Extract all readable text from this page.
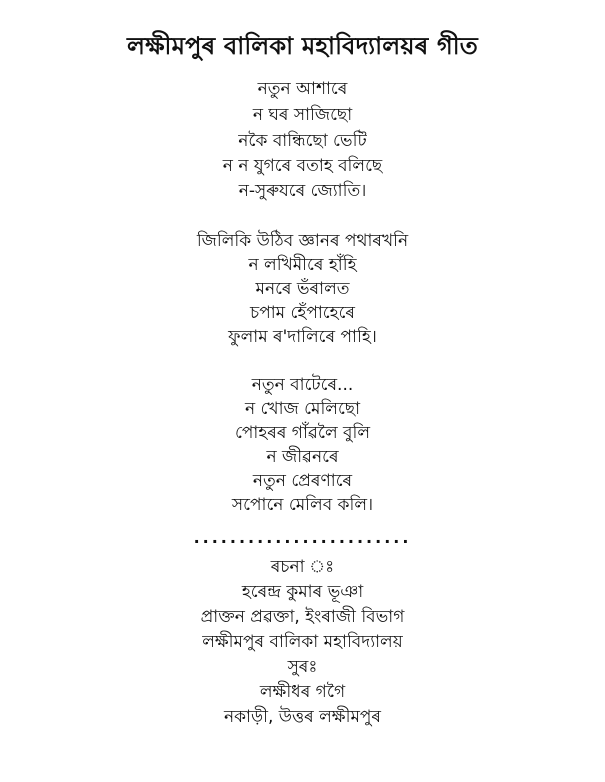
লক্ষীমপুৰ বালিকা মহাবিদ্যালয়ৰ গীত
নতুন আশাৰে
ন ঘৰ সাজিছো
নকৈ বান্ধিছো ভেটি
ন ন যুগৰে বতাহ বলিছে
ন-সুৰুযৰে জ্যোতি।
জিলিকি উঠিব জ্ঞানৰ পথাৰখনি
ন লখিমীৰে হাঁহি
মনৰে ভঁৰালত
চপাম হেঁপাহেৰে
ফুলাম ৰ'দালিৰে পাহি।
নতুন বাটেৰে...
ন খোজ মেলিছো
পোহৰৰ গাঁৱলৈ বুলি
ন জীৱনৰে
নতুন প্ৰেৰণাৰে
সপোনে মেলিব কলি।
........................
ৰচনা ঃ
হৰেন্দ্ৰ কুমাৰ ভূঞা
প্ৰাক্তন প্ৰৱক্তা, ইংৰাজী বিভাগ
লক্ষীমপুৰ বালিকা মহাবিদ্যালয়
সুৰঃ
লক্ষীধৰ গগৈ
নকাড়ী, উত্তৰ লক্ষীমপুৰ
